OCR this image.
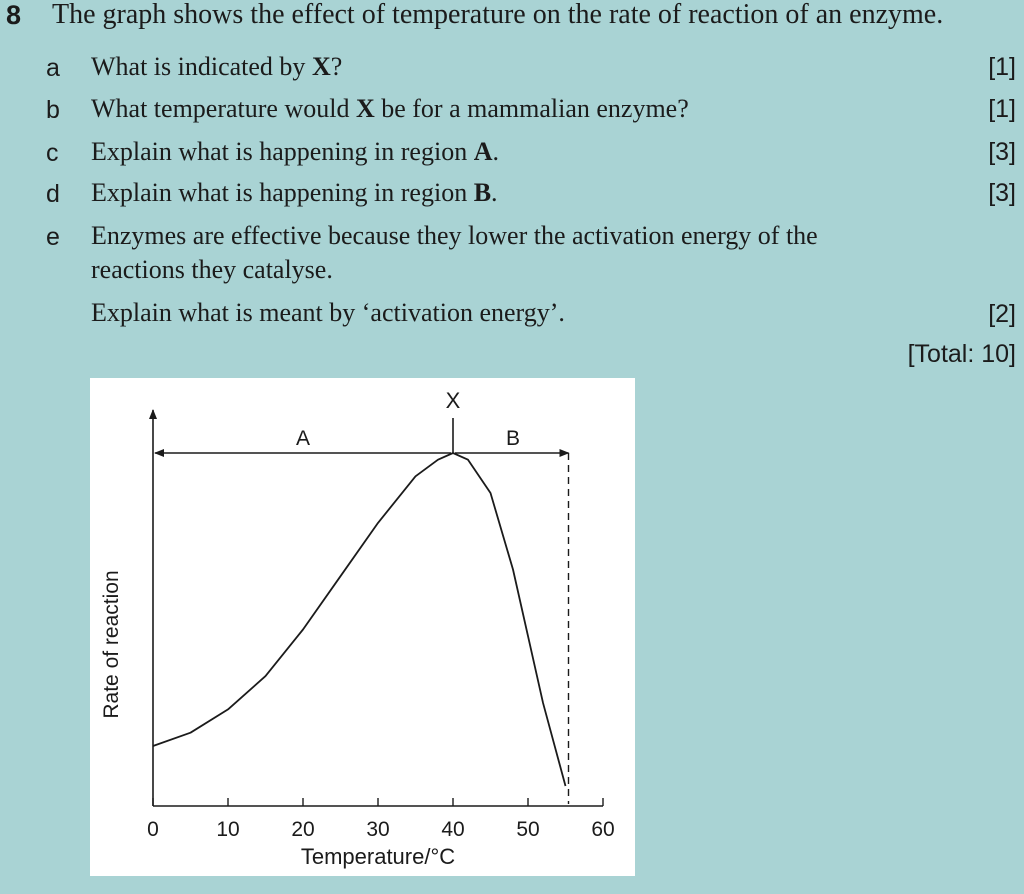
8 The graph shows the effect of temperature on the rate of reaction of an enzyme.
a What is indicated by X?	[1]
b What temperature would X be for a mammalian enzyme?	[1]
c Explain what is happening in region A.	[3]
d Explain what is happening in region B.	[3]
e Enzymes are effective because they lower the activation energy of the
reactions they catalyse.
Explain what is meant by ‘activation energy’.	[2]
[Total: 10]
0	10 20 30 40 50 60
Temperature/°C
Rate of reaction
X
A	B
